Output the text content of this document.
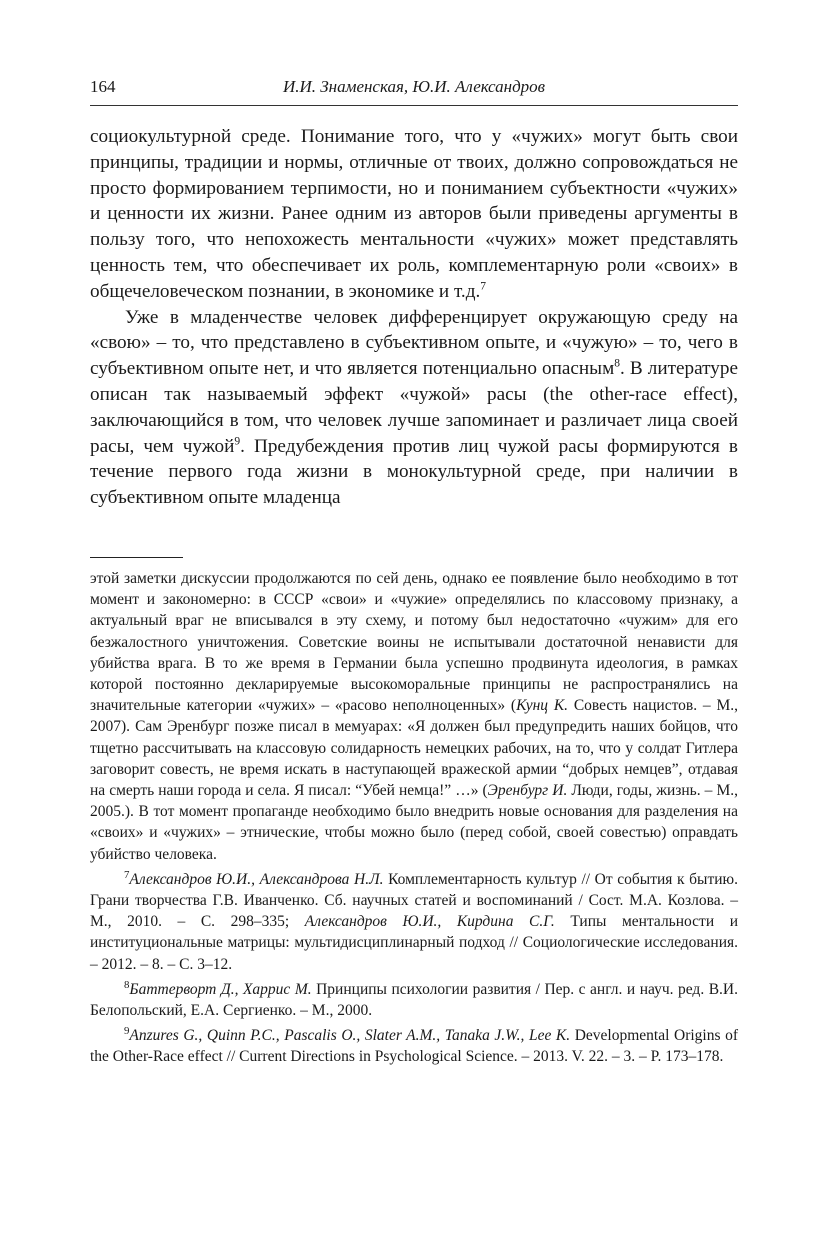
164	И.И. Знаменская, Ю.И. Александров

социокультурной среде. Понимание того, что у «чужих» могут быть свои принципы, традиции и нормы, отличные от твоих, должно сопровождаться не просто формированием терпимости, но и пониманием субъектности «чужих» и ценности их жизни. Ранее одним из авторов были приведены аргументы в пользу того, что непохожесть ментальности «чужих» может представлять ценность тем, что обеспечивает их роль, комплементарную роли «своих» в общечеловеческом познании, в экономике и т.д.$^7$

Уже в младенчестве человек дифференцирует окружающую среду на «свою» – то, что представлено в субъективном опыте, и «чужую» – то, чего в субъективном опыте нет, и что является потенциально опасным$^8$. В литературе описан так называемый эффект «чужой» расы (the other-race effect), заключающийся в том, что человек лучше запоминает и различает лица своей расы, чем чужой$^9$. Предубеждения против лиц чужой расы формируются в течение первого года жизни в монокультурной среде, при наличии в субъективном опыте младенца

этой заметки дискуссии продолжаются по сей день, однако ее появление было необходимо в тот момент и закономерно: в СССР «свои» и «чужие» определялись по классовому признаку, а актуальный враг не вписывался в эту схему, и потому был недостаточно «чужим» для его безжалостного уничтожения. Советские воины не испытывали достаточной ненависти для убийства врага. В то же время в Германии была успешно продвинута идеология, в рамках которой постоянно декларируемые высокоморальные принципы не распространялись на значительные категории «чужих» – «расово неполноценных» (Кунц К. Совесть нацистов. – М., 2007). Сам Эренбург позже писал в мемуарах: «Я должен был предупредить наших бойцов, что тщетно рассчитывать на классовую солидарность немецких рабочих, на то, что у солдат Гитлера заговорит совесть, не время искать в наступающей вражеской армии “добрых немцев”, отдавая на смерть наши города и села. Я писал: “Убей немца!” …» (Эренбург И. Люди, годы, жизнь. – М., 2005.). В тот момент пропаганде необходимо было внедрить новые основания для разделения на «своих» и «чужих» – этнические, чтобы можно было (перед собой, своей совестью) оправдать убийство человека.

$^7$Александров Ю.И., Александрова Н.Л. Комплементарность культур // От события к бытию. Грани творчества Г.В. Иванченко. Сб. научных статей и воспоминаний / Сост. М.А. Козлова. – М., 2010. – С. 298–335; Александров Ю.И., Кирдина С.Г. Типы ментальности и институциональные матрицы: мультидисциплинарный подход // Социологические исследования. – 2012. – 8. – С. 3–12.

$^8$Баттерворт Д., Харрис М. Принципы психологии развития / Пер. с англ. и науч. ред. В.И. Белопольский, Е.А. Сергиенко. – М., 2000.

$^9$Anzures G., Quinn P.C., Pascalis O., Slater A.M., Tanaka J.W., Lee K. Developmental Origins of the Other-Race effect // Current Directions in Psychological Science. – 2013. V. 22. – 3. – P. 173–178.
